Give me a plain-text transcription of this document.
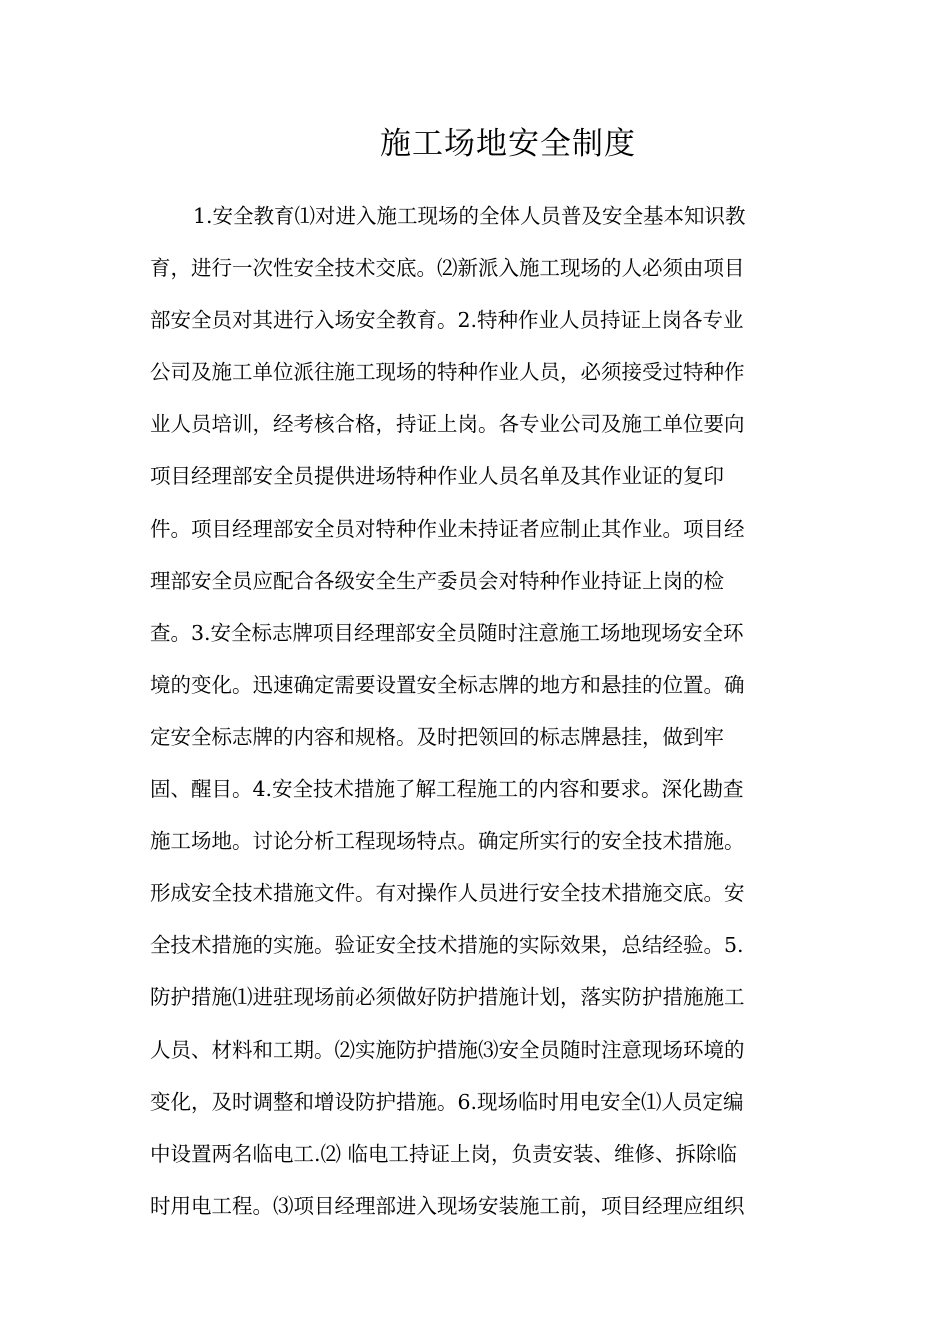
施工场地安全制度
1.安全教育⑴对进入施工现场的全体人员普及安全基本知识教
育，进行一次性安全技术交底。⑵新派入施工现场的人必须由项目
部安全员对其进行入场安全教育。2.特种作业人员持证上岗各专业
公司及施工单位派往施工现场的特种作业人员，必须接受过特种作
业人员培训，经考核合格，持证上岗。各专业公司及施工单位要向
项目经理部安全员提供进场特种作业人员名单及其作业证的复印
件。项目经理部安全员对特种作业未持证者应制止其作业。项目经
理部安全员应配合各级安全生产委员会对特种作业持证上岗的检
查。3.安全标志牌项目经理部安全员随时注意施工场地现场安全环
境的变化。迅速确定需要设置安全标志牌的地方和悬挂的位置。确
定安全标志牌的内容和规格。及时把领回的标志牌悬挂，做到牢
固、醒目。4.安全技术措施了解工程施工的内容和要求。深化勘查
施工场地。讨论分析工程现场特点。确定所实行的安全技术措施。
形成安全技术措施文件。有对操作人员进行安全技术措施交底。安
全技术措施的实施。验证安全技术措施的实际效果，总结经验。5.
防护措施⑴进驻现场前必须做好防护措施计划，落实防护措施施工
人员、材料和工期。⑵实施防护措施⑶安全员随时注意现场环境的
变化，及时调整和增设防护措施。6.现场临时用电安全⑴人员定编
中设置两名临电工.⑵ 临电工持证上岗，负责安装、维修、拆除临
时用电工程。⑶项目经理部进入现场安装施工前，项目经理应组织
